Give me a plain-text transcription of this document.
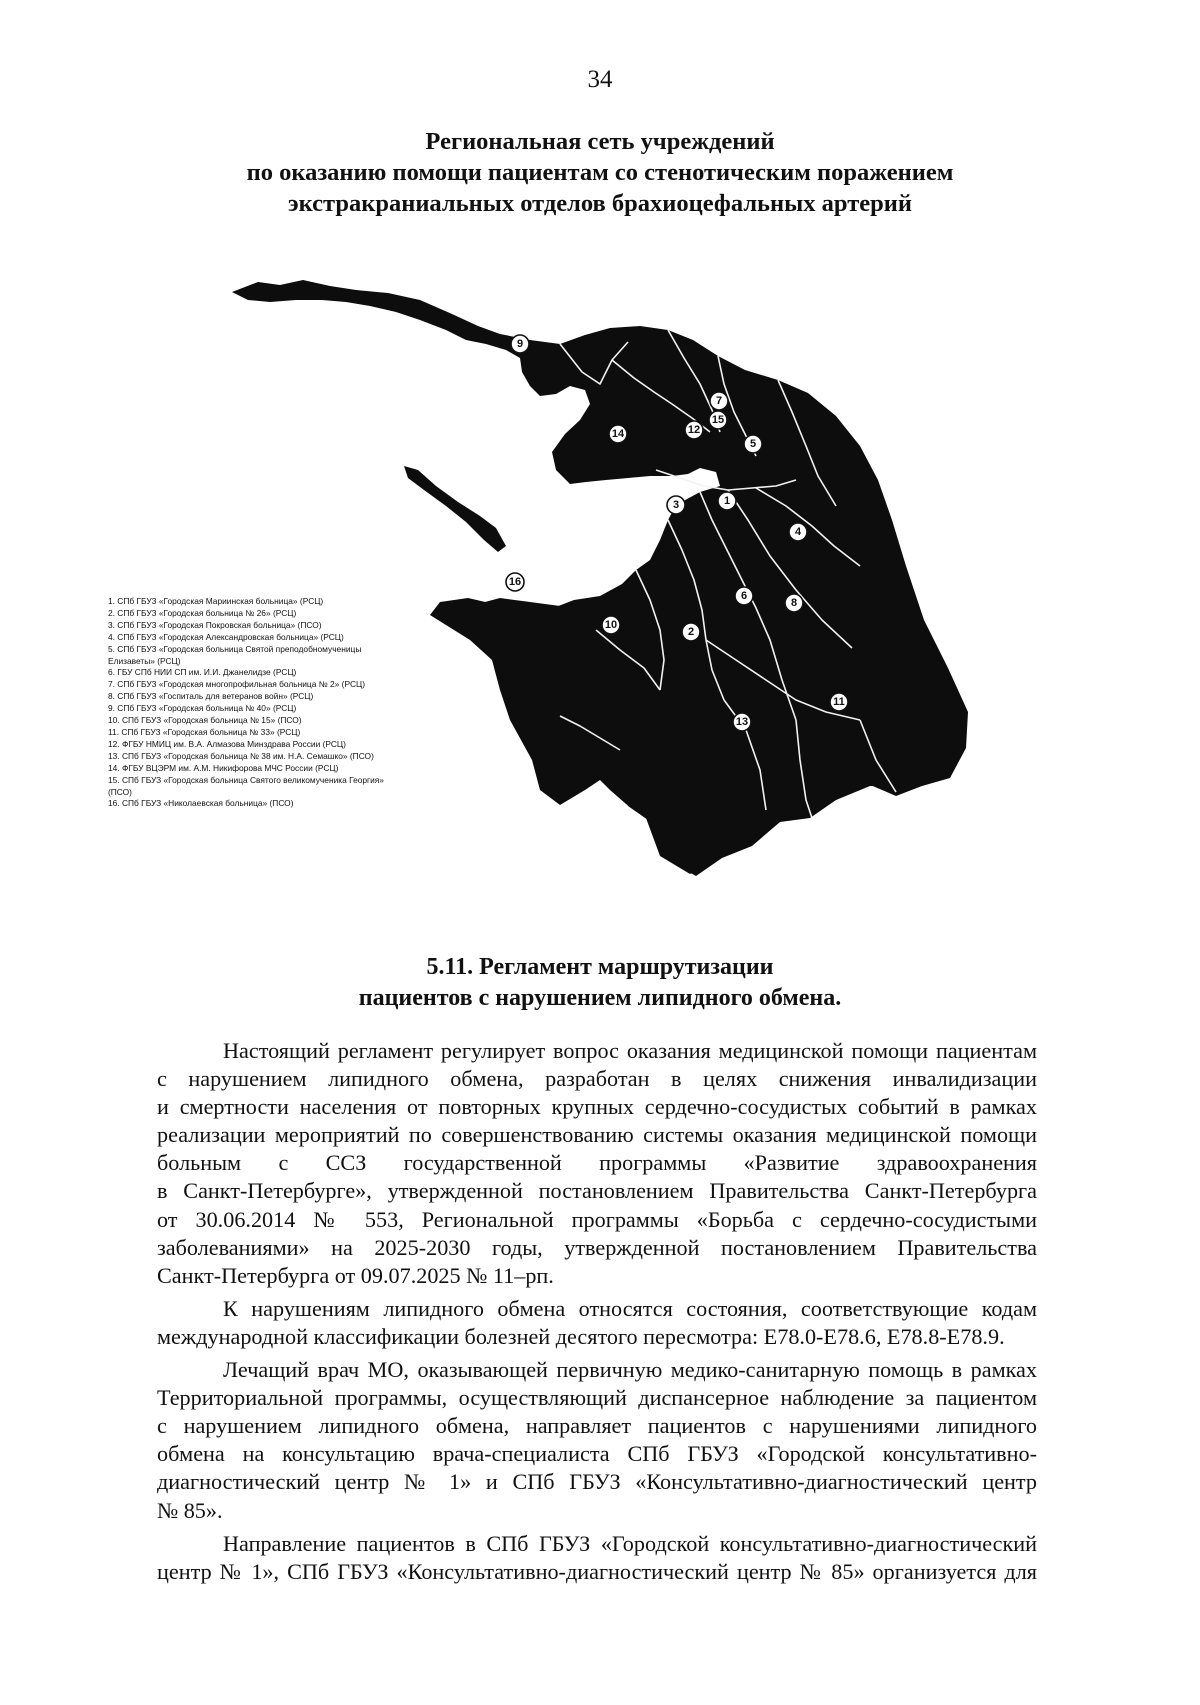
34
Региональная сеть учреждений
по оказанию помощи пациентам со стенотическим поражением
экстракраниальных отделов брахиоцефальных артерий
1
2
3
4
5
6
7
8
9
10
11
12
13
14
15
16
1. СПб ГБУЗ «Городская Мариинская больница» (РСЦ)
2. СПб ГБУЗ «Городская больница № 26» (РСЦ)
3. СПб ГБУЗ «Городская Покровская больница» (ПСО)
4. СПб ГБУЗ «Городская Александровская больница» (РСЦ)
5. СПб ГБУЗ «Городская больница Святой преподобномученицы
Елизаветы» (РСЦ)
6. ГБУ СПб НИИ СП им. И.И. Джанелидзе (РСЦ)
7. СПб ГБУЗ «Городская многопрофильная больница № 2» (РСЦ)
8. СПб ГБУЗ «Госпиталь для ветеранов войн» (РСЦ)
9. СПб ГБУЗ «Городская больница № 40» (РСЦ)
10. СПб ГБУЗ «Городская больница № 15» (ПСО)
11. СПб ГБУЗ «Городская больница № 33» (РСЦ)
12. ФГБУ НМИЦ им. В.А. Алмазова Минздрава России (РСЦ)
13. СПб ГБУЗ «Городская больница № 38 им. Н.А. Семашко» (ПСО)
14. ФГБУ ВЦЭРМ им. А.М. Никифорова МЧС России (РСЦ)
15. СПб ГБУЗ «Городская больница Святого великомученика Георгия»
(ПСО)
16. СПб ГБУЗ «Николаевская больница» (ПСО)
5.11. Регламент маршрутизации
пациентов с нарушением липидного обмена.
Настоящий регламент регулирует вопрос оказания медицинской помощи пациентам
с нарушением липидного обмена, разработан в целях снижения инвалидизации
и смертности населения от повторных крупных сердечно-сосудистых событий в рамках
реализации мероприятий по совершенствованию системы оказания медицинской помощи
больным с ССЗ государственной программы «Развитие здравоохранения
в Санкт-Петербурге», утвержденной постановлением Правительства Санкт-Петербурга
от 30.06.2014 № 553, Региональной программы «Борьба с сердечно-сосудистыми
заболеваниями» на 2025-2030 годы, утвержденной постановлением Правительства
Санкт-Петербурга от 09.07.2025 № 11–рп.
К нарушениям липидного обмена относятся состояния, соответствующие кодам
международной классификации болезней десятого пересмотра: E78.0-E78.6, E78.8-E78.9.
Лечащий врач МО, оказывающей первичную медико-санитарную помощь в рамках
Территориальной программы, осуществляющий диспансерное наблюдение за пациентом
с нарушением липидного обмена, направляет пациентов с нарушениями липидного
обмена на консультацию врача-специалиста СПб ГБУЗ «Городской консультативно-
диагностический центр № 1» и СПб ГБУЗ «Консультативно-диагностический центр
№ 85».
Направление пациентов в СПб ГБУЗ «Городской консультативно-диагностический
центр № 1», СПб ГБУЗ «Консультативно-диагностический центр № 85» организуется для
